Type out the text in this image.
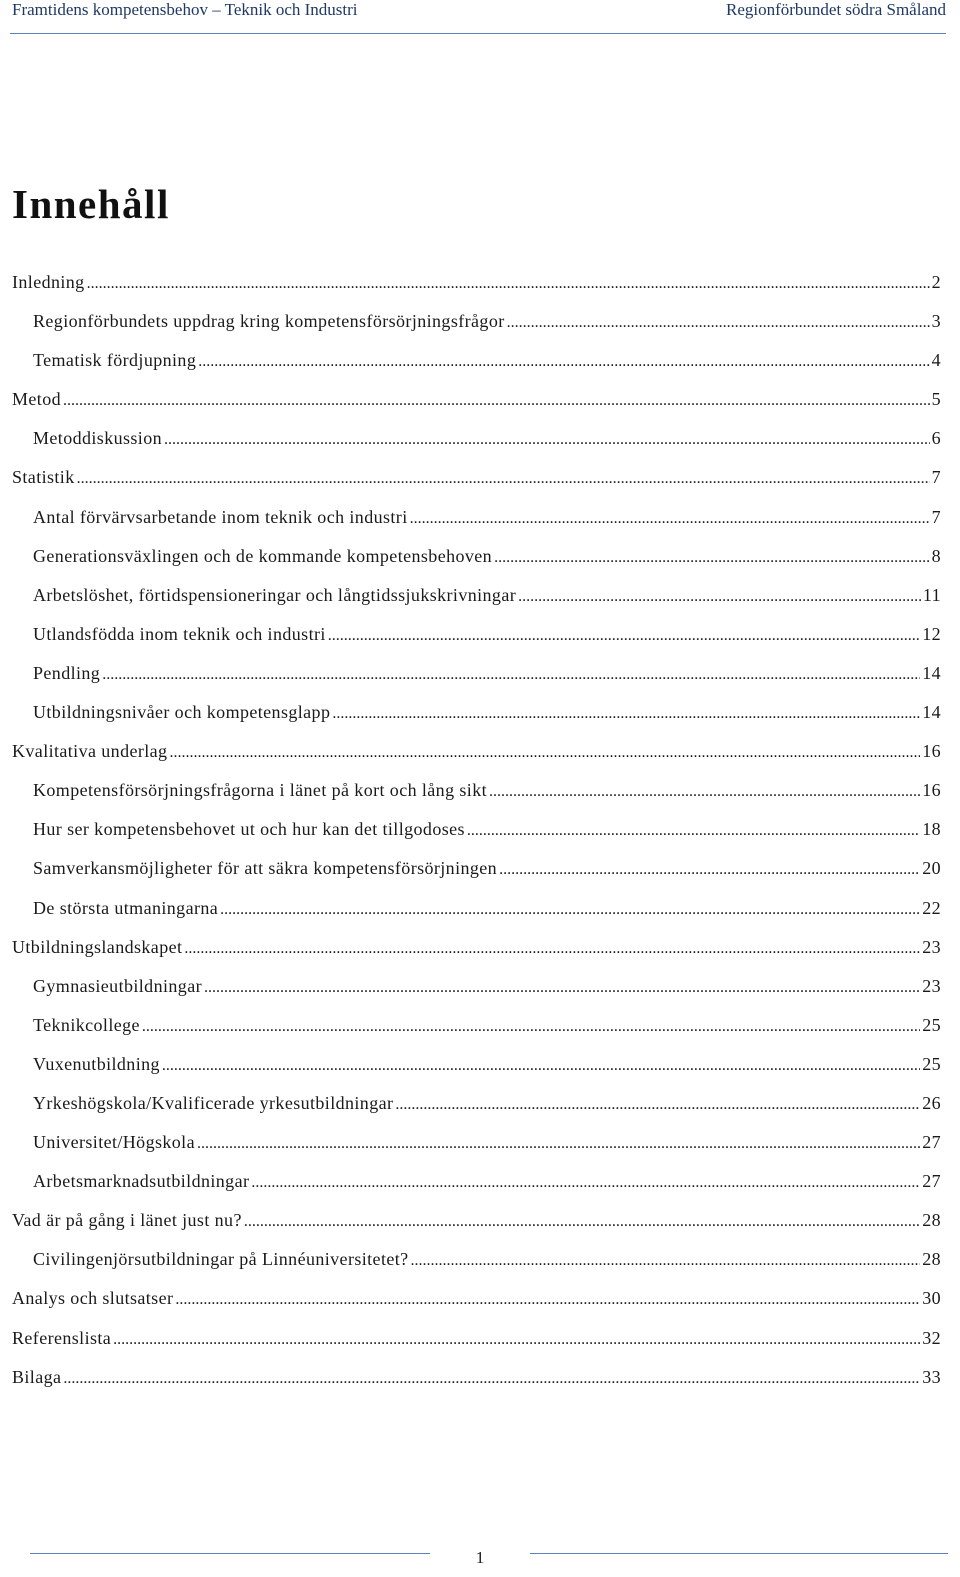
Framtidens kompetensbehov – Teknik och Industri	Regionförbundet södra Småland
Innehåll
Inledning .....	2
Regionförbundets uppdrag kring kompetensförsörjningsfrågor .....	3
Tematisk fördjupning .....	4
Metod .....	5
Metoddiskussion .....	6
Statistik .....	7
Antal förvärvsarbetande inom teknik och industri .....	7
Generationsväxlingen och de kommande kompetensbehoven .....	8
Arbetslöshet, förtidspensioneringar och långtidssjukskrivningar .....	11
Utlandsfödda inom teknik och industri .....	12
Pendling .....	14
Utbildningsnivåer och kompetensglapp .....	14
Kvalitativa underlag .....	16
Kompetensförsörjningsfrågorna i länet på kort och lång sikt .....	16
Hur ser kompetensbehovet ut och hur kan det tillgodoses .....	18
Samverkansmöjligheter för att säkra kompetensförsörjningen .....	20
De största utmaningarna .....	22
Utbildningslandskapet .....	23
Gymnasieutbildningar .....	23
Teknikcollege .....	25
Vuxenutbildning .....	25
Yrkeshögskola/Kvalificerade yrkesutbildningar .....	26
Universitet/Högskola .....	27
Arbetsmarknadsutbildningar .....	27
Vad är på gång i länet just nu? .....	28
Civilingenjörsutbildningar på Linnéuniversitetet? .....	28
Analys och slutsatser .....	30
Referenslista .....	32
Bilaga .....	33
1
